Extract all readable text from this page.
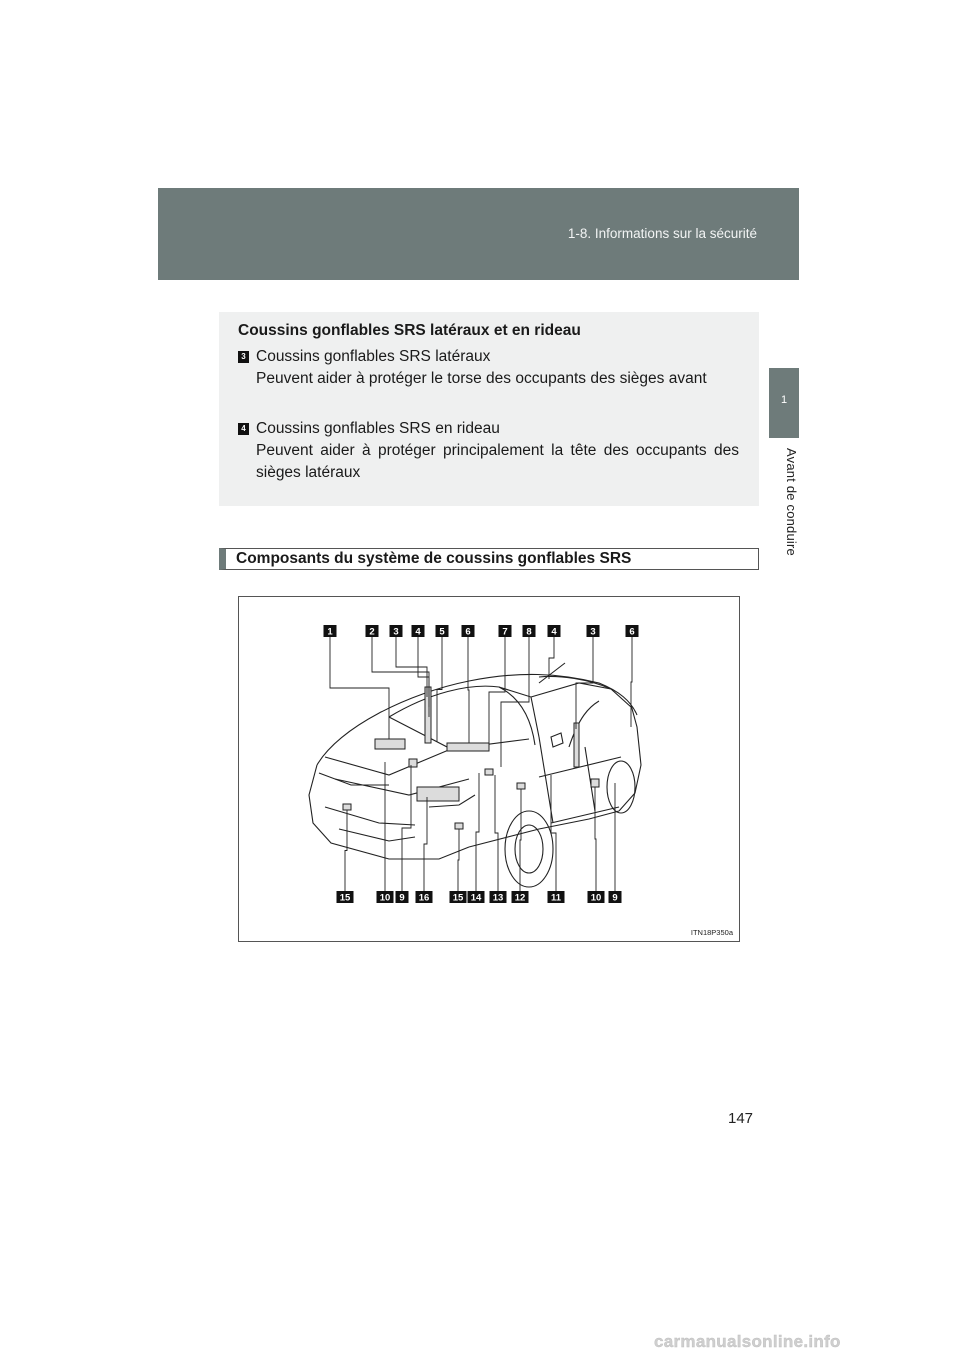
1-8. Informations sur la sécurité
1
Avant de conduire
Coussins gonflables SRS latéraux et en rideau
3 Coussins gonflables SRS latéraux
Peuvent aider à protéger le torse des occupants des sièges avant
4 Coussins gonflables SRS en rideau
Peuvent aider à protéger principalement la tête des occupants des sièges latéraux
Composants du système de coussins gonflables SRS
1	2 3 4 5 6	7 8 4	3	6
15	10 9 16 15 14 13 12	11	10 9
ITN18P350a
147
carmanualsonline.info
